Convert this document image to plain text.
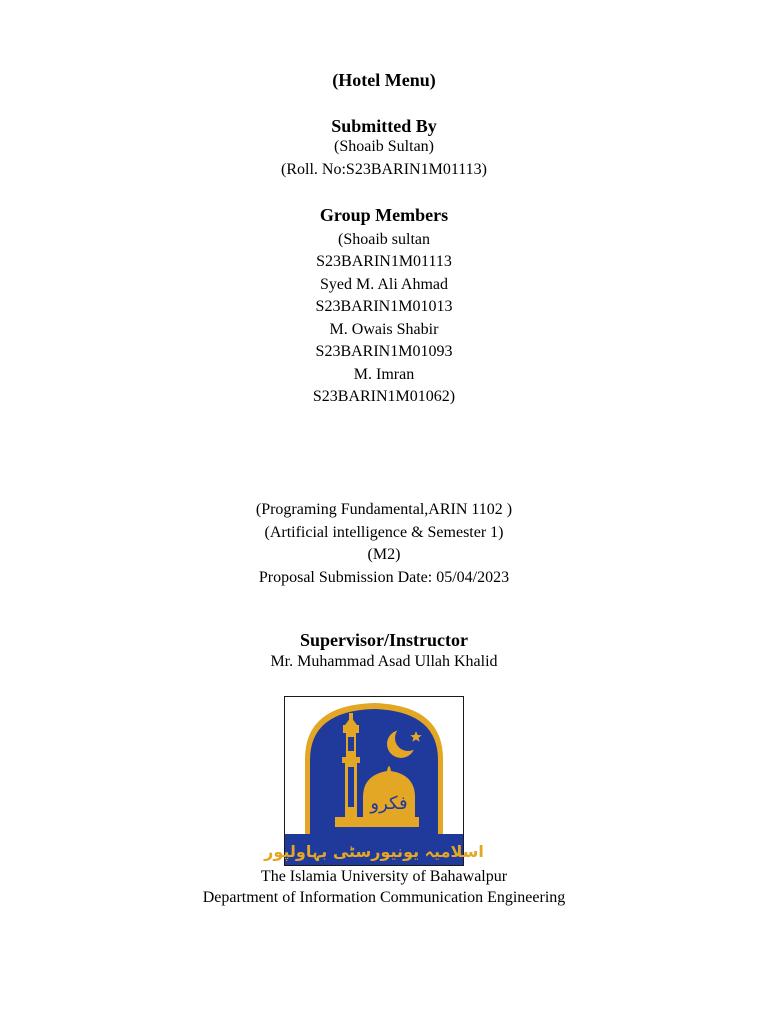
(Hotel Menu)
Submitted By
(Shoaib Sultan)
(Roll. No:S23BARIN1M01113)
Group Members
(Shoaib sultan
S23BARIN1M01113
Syed M. Ali Ahmad
S23BARIN1M01013
M. Owais Shabir
S23BARIN1M01093
M. Imran
S23BARIN1M01062)
(Programing Fundamental,ARIN 1102 )
(Artificial intelligence & Semester 1)
(M2)
Proposal Submission Date: 05/04/2023
Supervisor/Instructor
Mr. Muhammad Asad Ullah Khalid
فکرو
اسلامیہ یونیورسٹی بہاولپور
The Islamia University of Bahawalpur
Department of Information Communication Engineering
